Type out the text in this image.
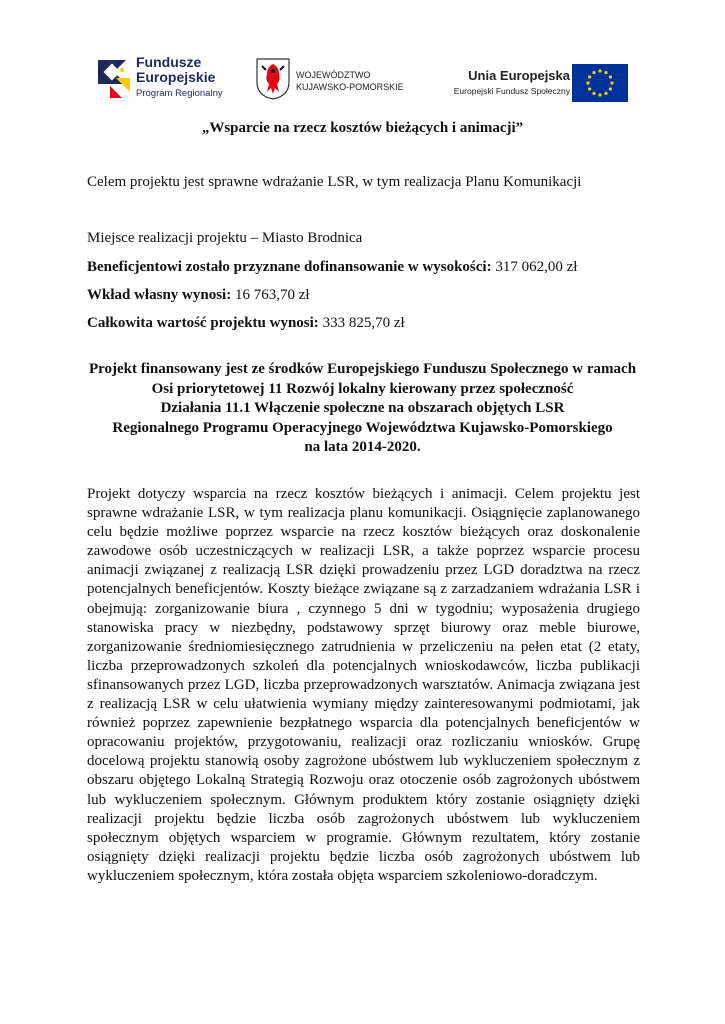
Fundusze
Europejskie
Program Regionalny
WOJEWÓDZTWO
KUJAWSKO-POMORSKIE
Unia Europejska
Europejski Fundusz Społeczny
„Wsparcie na rzecz kosztów bieżących i animacji”
Celem projektu jest sprawne wdrażanie LSR, w tym realizacja Planu Komunikacji
Miejsce realizacji projektu – Miasto Brodnica
Beneficjentowi zostało przyznane dofinansowanie w wysokości: 317 062,00 zł
Wkład własny wynosi: 16 763,70 zł
Całkowita wartość projektu wynosi: 333 825,70 zł
Projekt finansowany jest ze środków Europejskiego Funduszu Społecznego w ramach
Osi priorytetowej 11 Rozwój lokalny kierowany przez społeczność
Działania 11.1 Włączenie społeczne na obszarach objętych LSR
Regionalnego Programu Operacyjnego Województwa Kujawsko-Pomorskiego
na lata 2014-2020.
Projekt dotyczy wsparcia na rzecz kosztów bieżących i animacji. Celem projektu jest sprawne wdrażanie LSR, w tym realizacja planu komunikacji. Osiągnięcie zaplanowanego celu będzie możliwe poprzez wsparcie na rzecz kosztów bieżących oraz doskonalenie zawodowe osób uczestniczących w realizacji LSR, a także poprzez wsparcie procesu animacji związanej z realizacją LSR dzięki prowadzeniu przez LGD doradztwa na rzecz potencjalnych beneficjentów. Koszty bieżące związane są z zarzadzaniem wdrażania LSR i obejmują: zorganizowanie biura , czynnego 5 dni w tygodniu; wyposażenia drugiego stanowiska pracy w niezbędny, podstawowy sprzęt biurowy oraz meble biurowe, zorganizowanie średniomiesięcznego zatrudnienia w przeliczeniu na pełen etat (2 etaty, liczba przeprowadzonych szkoleń dla potencjalnych wnioskodawców, liczba publikacji sfinansowanych przez LGD, liczba przeprowadzonych warsztatów. Animacja związana jest z realizacją LSR w celu ułatwienia wymiany między zainteresowanymi podmiotami, jak również poprzez zapewnienie bezpłatnego wsparcia dla potencjalnych beneficjentów w opracowaniu projektów, przygotowaniu, realizacji oraz rozliczaniu wniosków. Grupę docelową projektu stanowią osoby zagrożone ubóstwem lub wykluczeniem społecznym z obszaru objętego Lokalną Strategią Rozwoju oraz otoczenie osób zagrożonych ubóstwem lub wykluczeniem społecznym. Głównym produktem który zostanie osiągnięty dzięki realizacji projektu będzie liczba osób zagrożonych ubóstwem lub wykluczeniem społecznym objętych wsparciem w programie. Głównym rezultatem, który zostanie osiągnięty dzięki realizacji projektu będzie liczba osób zagrożonych ubóstwem lub wykluczeniem społecznym, która została objęta wsparciem szkoleniowo-doradczym.
